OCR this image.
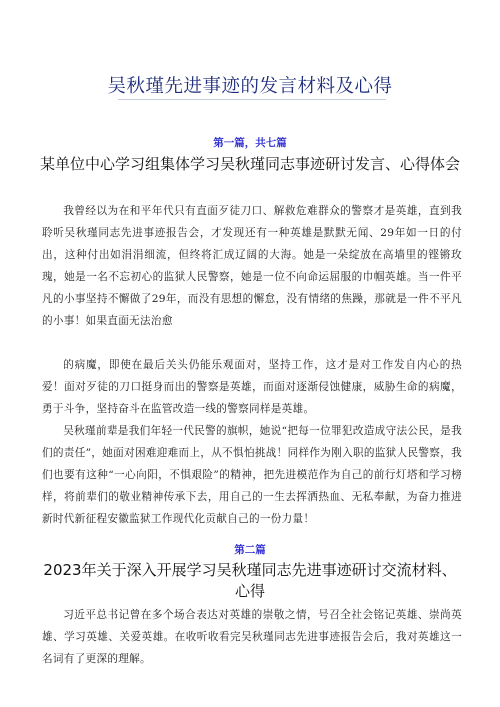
吴秋瑾先进事迹的发言材料及心得
第一篇，共七篇
某单位中心学习组集体学习吴秋瑾同志事迹研讨发言、心得体会
我曾经以为在和平年代只有直面歹徒刀口、解救危难群众的警察才是英雄，直到我聆听吴秋瑾同志先进事迹报告会，才发现还有一种英雄是默默无闻、29年如一日的付出，这种付出如涓涓细流，但终将汇成辽阔的大海。她是一朵绽放在高墙里的铿锵玫瑰，她是一名不忘初心的监狱人民警察，她是一位不向命运屈服的巾帼英雄。当一件平凡的小事坚持不懈做了29年，而没有思想的懈怠，没有情绪的焦躁，那就是一件不平凡的小事！如果直面无法治愈
的病魔，即使在最后关头仍能乐观面对，坚持工作，这才是对工作发自内心的热爱！面对歹徒的刀口挺身而出的警察是英雄，而面对逐渐侵蚀健康，威胁生命的病魔，勇于斗争，坚持奋斗在监管改造一线的警察同样是英雄。
吴秋瑾前辈是我们年轻一代民警的旗帜，她说“把每一位罪犯改造成守法公民，是我们的责任”，她面对困难迎难而上，从不惧怕挑战！同样作为刚入职的监狱人民警察，我们也要有这种“一心向阳，不惧艰险”的精神，把先进模范作为自己的前行灯塔和学习榜样，将前辈们的敬业精神传承下去，用自己的一生去挥洒热血、无私奉献，为奋力推进新时代新征程安徽监狱工作现代化贡献自己的一份力量！
第二篇
2023年关于深入开展学习吴秋瑾同志先进事迹研讨交流材料、心得
习近平总书记曾在多个场合表达对英雄的崇敬之情，号召全社会铭记英雄、崇尚英雄、学习英雄、关爱英雄。在收听收看完吴秋瑾同志先进事迹报告会后，我对英雄这一名词有了更深的理解。
